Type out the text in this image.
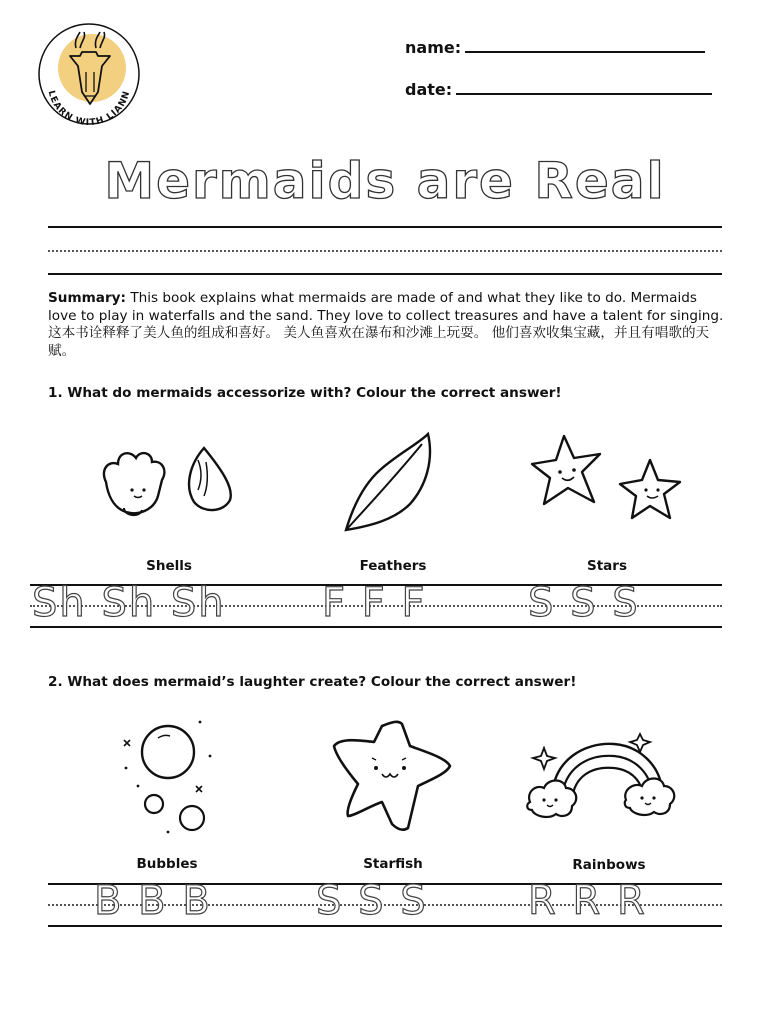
LEARN WITH LIANN
name:
date:
Mermaids are Real
Summary: This book explains what mermaids are made of and what they like to do. Mermaids love to play in waterfalls and the sand. They love to collect treasures and have a talent for singing. 这本书诠释释了美人鱼的组成和喜好。 美人鱼喜欢在瀑布和沙滩上玩耍。 他们喜欢收集宝藏，并且有唱歌的天赋。
1. What do mermaids accessorize with? Colour the correct answer!
Shells	Feathers	Stars
Sh Sh Sh F F F	S S S
2. What does mermaid’s laughter create? Colour the correct answer!
Bubbles	Starfish	Rainbows
B B B	S S S	R R R
